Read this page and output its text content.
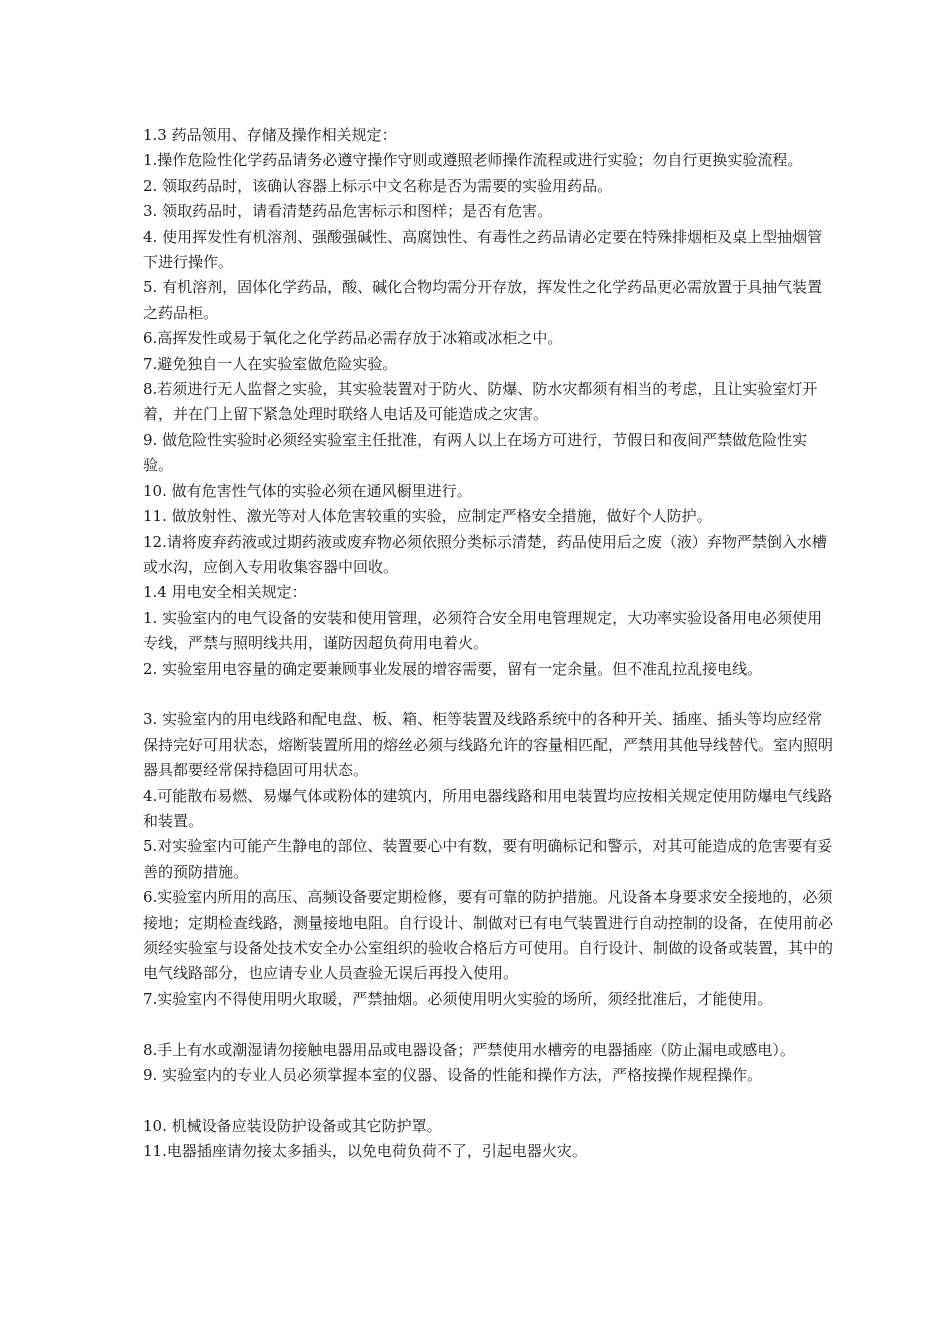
1.3 药品领用、存储及操作相关规定：

1.操作危险性化学药品请务必遵守操作守则或遵照老师操作流程或进行实验；勿自行更换实验流程。

2. 领取药品时，该确认容器上标示中文名称是否为需要的实验用药品。

3. 领取药品时，请看清楚药品危害标示和图样；是否有危害。

4. 使用挥发性有机溶剂、强酸强碱性、高腐蚀性、有毒性之药品请必定要在特殊排烟柜及桌上型抽烟管下进行操作。

5. 有机溶剂，固体化学药品，酸、碱化合物均需分开存放，挥发性之化学药品更必需放置于具抽气装置之药品柜。

6.高挥发性或易于氧化之化学药品必需存放于冰箱或冰柜之中。

7.避免独自一人在实验室做危险实验。

8.若须进行无人监督之实验，其实验装置对于防火、防爆、防水灾都须有相当的考虑，且让实验室灯开着，并在门上留下紧急处理时联络人电话及可能造成之灾害。

9. 做危险性实验时必须经实验室主任批准，有两人以上在场方可进行，节假日和夜间严禁做危险性实验。

10. 做有危害性气体的实验必须在通风橱里进行。

11. 做放射性、激光等对人体危害较重的实验，应制定严格安全措施，做好个人防护。

12.请将废弃药液或过期药液或废弃物必须依照分类标示清楚，药品使用后之废（液）弃物严禁倒入水槽或水沟，应倒入专用收集容器中回收。

1.4 用电安全相关规定：

1. 实验室内的电气设备的安装和使用管理，必须符合安全用电管理规定，大功率实验设备用电必须使用专线，严禁与照明线共用，谨防因超负荷用电着火。

2. 实验室用电容量的确定要兼顾事业发展的增容需要，留有一定余量。但不准乱拉乱接电线。

3. 实验室内的用电线路和配电盘、板、箱、柜等装置及线路系统中的各种开关、插座、插头等均应经常保持完好可用状态，熔断装置所用的熔丝必须与线路允许的容量相匹配，严禁用其他导线替代。室内照明器具都要经常保持稳固可用状态。

4.可能散布易燃、易爆气体或粉体的建筑内，所用电器线路和用电装置均应按相关规定使用防爆电气线路和装置。

5.对实验室内可能产生静电的部位、装置要心中有数，要有明确标记和警示，对其可能造成的危害要有妥善的预防措施。

6.实验室内所用的高压、高频设备要定期检修，要有可靠的防护措施。凡设备本身要求安全接地的，必须接地；定期检查线路，测量接地电阻。自行设计、制做对已有电气装置进行自动控制的设备，在使用前必须经实验室与设备处技术安全办公室组织的验收合格后方可使用。自行设计、制做的设备或装置，其中的电气线路部分，也应请专业人员查验无误后再投入使用。

7.实验室内不得使用明火取暖，严禁抽烟。必须使用明火实验的场所，须经批准后，才能使用。

8.手上有水或潮湿请勿接触电器用品或电器设备；严禁使用水槽旁的电器插座（防止漏电或感电）。

9. 实验室内的专业人员必须掌握本室的仪器、设备的性能和操作方法，严格按操作规程操作。

10. 机械设备应装设防护设备或其它防护罩。

11.电器插座请勿接太多插头，以免电荷负荷不了，引起电器火灾。
